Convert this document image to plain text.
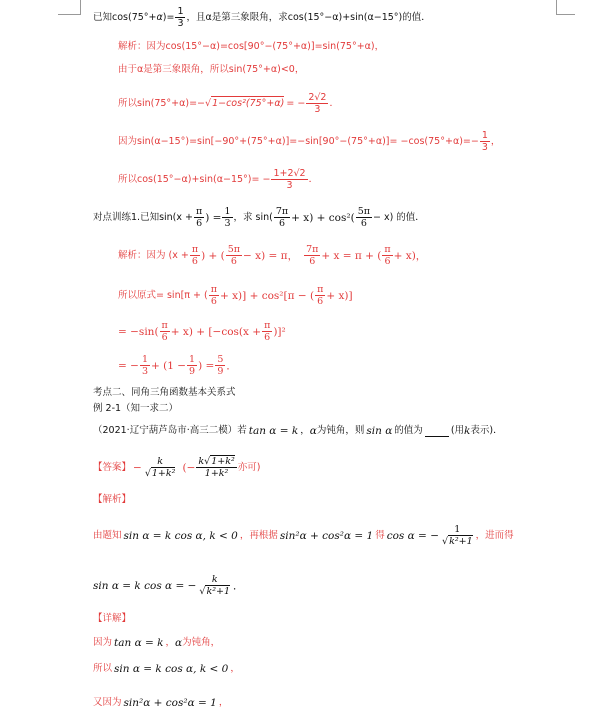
已知cos(75°+ α )= $\frac{1}{3}$ ，且α是第三象限角，求cos(15°−α)+sin(α−15°)的值．
解析：因为cos(15°−α)=cos[90°−(75°+α)]=sin(75°+α)，
由于α是第三象限角，所以sin(75°+α)<0，
所以sin(75°+α)=− √ 1−cos²(75°+α) = − $\frac{2√2}{3}$ ．
因为$\sin(\alpha-15^\circ)=\sin[-90^\circ+(75^\circ+\alpha)]=-\sin[90^\circ-(75^\circ+\alpha)]= -\cos(75^\circ+\alpha)=- \frac{1}{3}$ ，
所以$\cos(15^\circ-\alpha)+\sin(\alpha-15^\circ)= - \frac{1+2√2}{3}$ ．
对点训练1.已知$\sin(x + \frac{\pi}{6}$ ) = $\frac{1}{3}$ ，求 $\sin( \frac{7\pi}{6} + x) + \cos^2( \frac{5\pi}{6} - x)$ 的值．
解析：因为 ($x + \frac{\pi}{6}$ ) + ( $\frac{5\pi}{6} - x) = \pi$， $\frac{7\pi}{6} + x = \pi$ + ( $\frac{\pi}{6} + x$)，
所以原式= sin[π + ( $\frac{\pi}{6} + x)] + \cos^2[\pi$ − ( $\frac{\pi}{6} + x$)]
= $-\sin( \frac{\pi}{6} + x) + [-\cos(x + \frac{\pi}{6} )]^2$
= − $\frac{1}{3} + (1 - \frac{1}{9}$ ) = $\frac{5}{9}$ ．
考点二、同角三角函数基本关系式
例 2-1（知一求二）
（2021·辽宁葫芦岛市·高三二模）若 tan α = k ， α 为钝角，则 sin α 的值为	(用 k 表示)．
【答案】 − $\frac{k}{\text{√1+k²}}$ (− $\frac{\text{k√1+k²}}{\text{1+k²}}$ 亦可)
【解析】
由题知 sin α = k cos α, k < 0 ，再根据 sin²α + cos²α = 1 得 cos α = − $\frac{1}{\text{√k²+1}}$ ，进而得
sin α = k cos α = − $\frac{k}{\text{√k²+1}}$ ．
【详解】
因为 tan α = k ， α 为钝角，
所以 sin α = k cos α, k < 0 ，
又因为 sin²α + cos²α = 1 ，
